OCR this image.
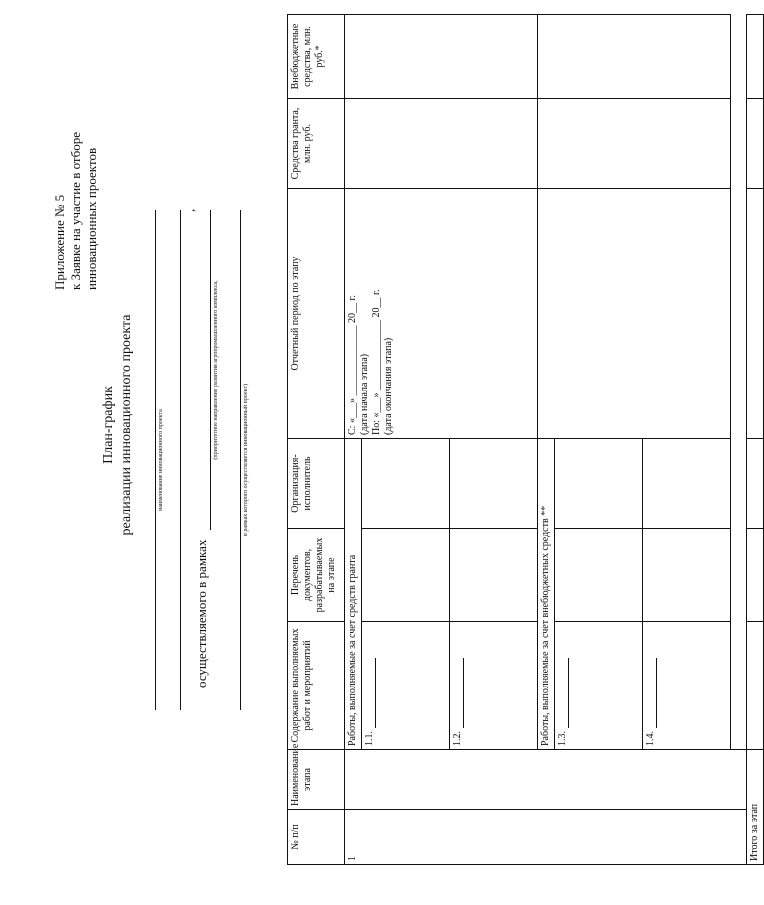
Приложение № 5 к Заявке на участие в отборе инновационных проектов
План-график реализации инновационного проекта	наименование инновационного проекта
,
осуществляемого в рамках
(приоритетное направление развития агропромышленного комплекса,
в рамках которого осуществляется инновационный проект)
№ п/п	Наименование этапа	Содержание выполняемых работ и мероприятий	Перечень документов, разрабатываемых на этапе	Организация-исполнитель	Отчетный период по этапу	Средства гранта, млн. руб.	Внебюджетные средства, млн. руб.*
1		Работы, выполняемые за счет средств гранта			С: «___» ______________ 20__ г. (дата начала этапа) По: «___» ______________ 20__ г. (дата окончания этапа)		

		1.1.					
		1.2.					
		Работы, выполняемые за счет внебюджетных средств **					
		1.3.					
		1.4.					

Итого за этап							
